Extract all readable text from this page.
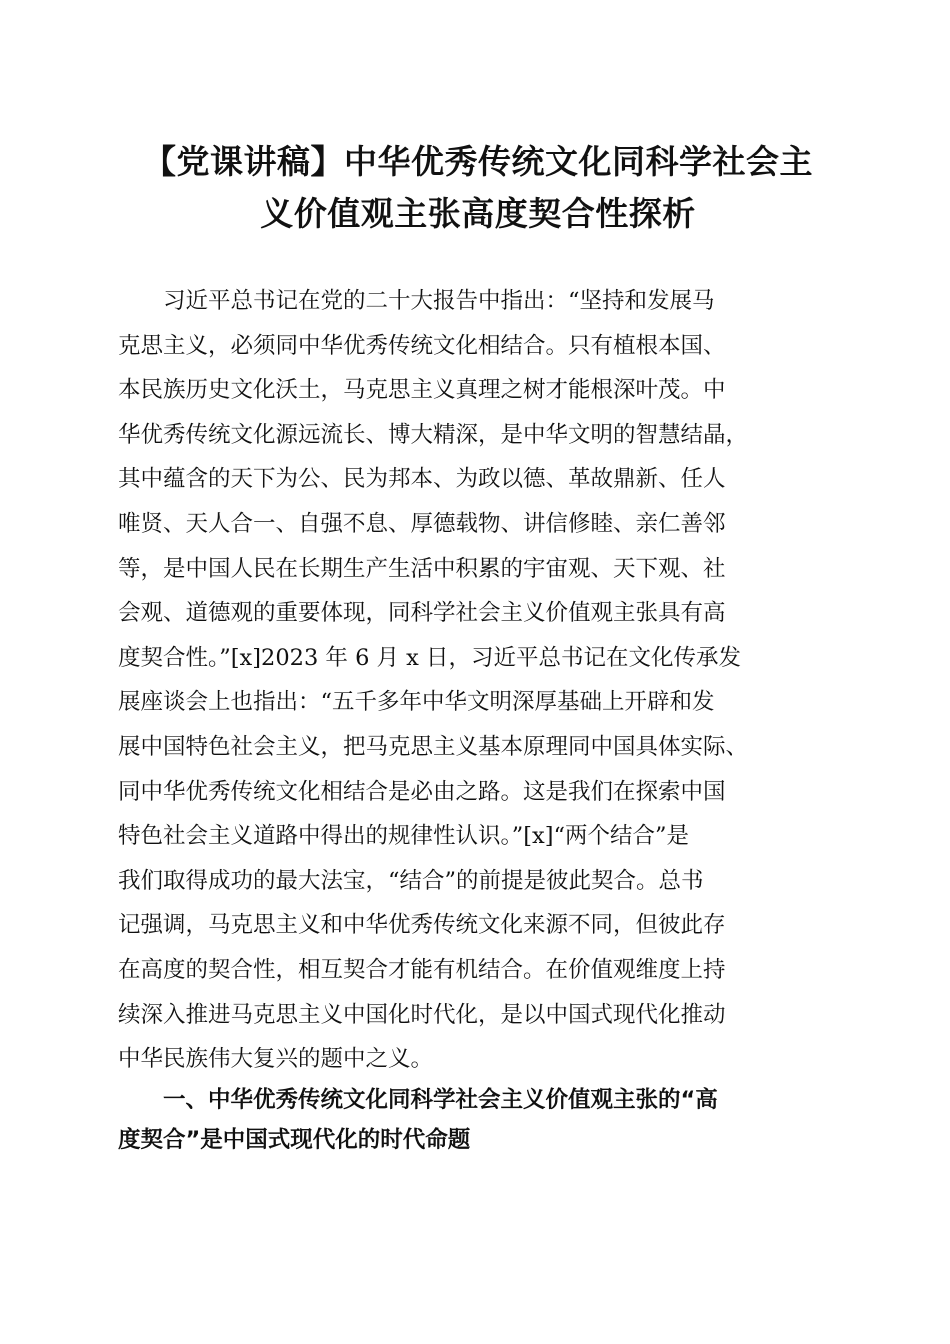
【党课讲稿】中华优秀传统文化同科学社会主
义价值观主张高度契合性探析
　　习近平总书记在党的二十大报告中指出：“坚持和发展马
克思主义，必须同中华优秀传统文化相结合。只有植根本国、
本民族历史文化沃土，马克思主义真理之树才能根深叶茂。中
华优秀传统文化源远流长、博大精深，是中华文明的智慧结晶，
其中蕴含的天下为公、民为邦本、为政以德、革故鼎新、任人
唯贤、天人合一、自强不息、厚德载物、讲信修睦、亲仁善邻
等，是中国人民在长期生产生活中积累的宇宙观、天下观、社
会观、道德观的重要体现，同科学社会主义价值观主张具有高
度契合性。”[x]2023 年 6 月 x 日，习近平总书记在文化传承发
展座谈会上也指出：“五千多年中华文明深厚基础上开辟和发
展中国特色社会主义，把马克思主义基本原理同中国具体实际、
同中华优秀传统文化相结合是必由之路。这是我们在探索中国
特色社会主义道路中得出的规律性认识。”[x]“两个结合”是
我们取得成功的最大法宝，“结合”的前提是彼此契合。总书
记强调，马克思主义和中华优秀传统文化来源不同，但彼此存
在高度的契合性，相互契合才能有机结合。在价值观维度上持
续深入推进马克思主义中国化时代化，是以中国式现代化推动
中华民族伟大复兴的题中之义。
　　一、中华优秀传统文化同科学社会主义价值观主张的“高
度契合”是中国式现代化的时代命题
